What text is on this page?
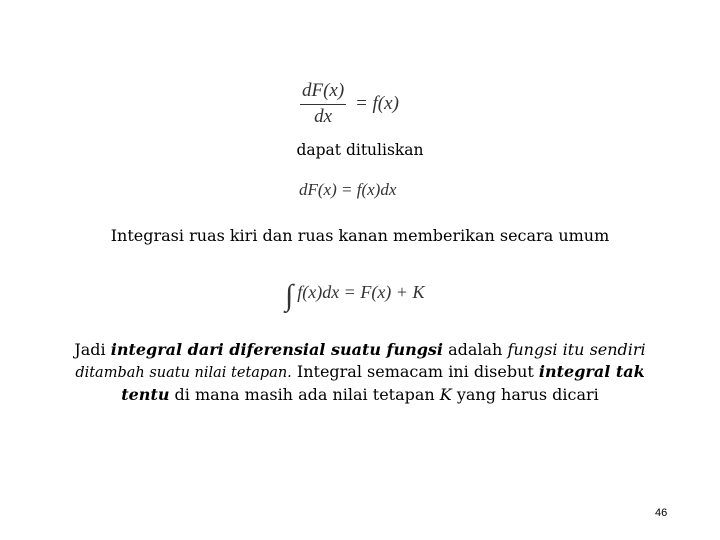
$\frac{dF(x)}{dx} = f(x)$
dapat dituliskan
dF(x) = f(x)dx
Integrasi ruas kiri dan ruas kanan memberikan secara umum
∫ f(x)dx = F(x) + K
Jadi integral dari diferensial suatu fungsi adalah fungsi itu sendiri
ditambah suatu nilai tetapan. Integral semacam ini disebut integral tak
tentu di mana masih ada nilai tetapan K yang harus dicari
46
